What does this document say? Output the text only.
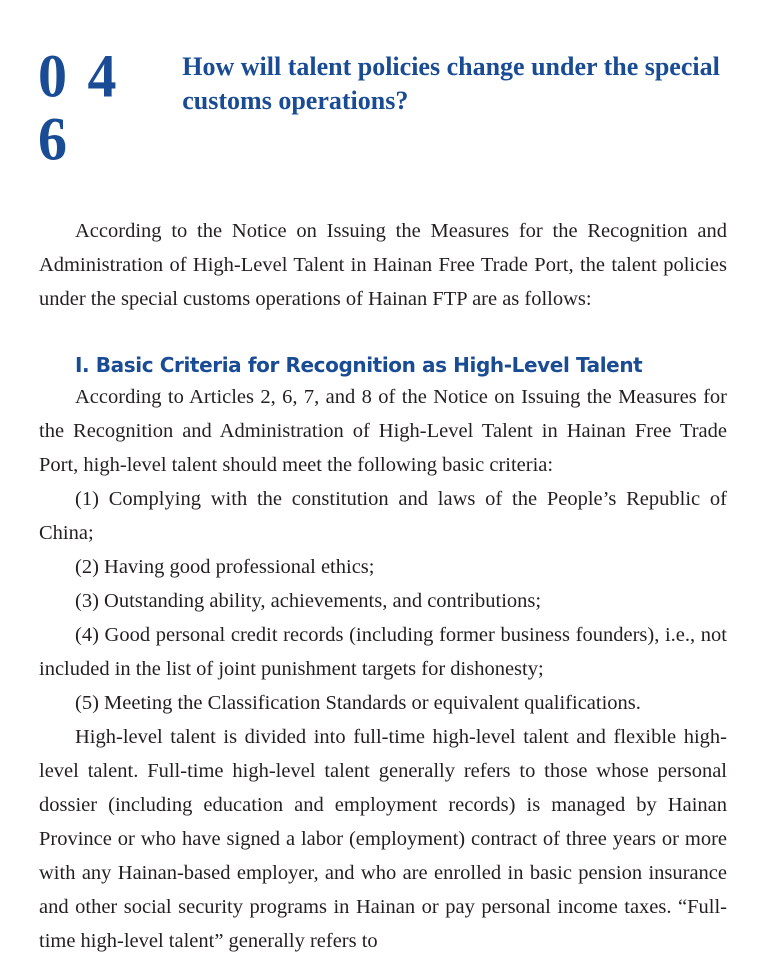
0 4 6
How will talent policies change under the special customs operations?

According to the Notice on Issuing the Measures for the Recognition and Administration of High-Level Talent in Hainan Free Trade Port, the talent policies under the special customs operations of Hainan FTP are as follows:

I. Basic Criteria for Recognition as High-Level Talent

According to Articles 2, 6, 7, and 8 of the Notice on Issuing the Measures for the Recognition and Administration of High-Level Talent in Hainan Free Trade Port, high-level talent should meet the following basic criteria:

(1) Complying with the constitution and laws of the People’s Republic of China;

(2) Having good professional ethics;

(3) Outstanding ability, achievements, and contributions;

(4) Good personal credit records (including former business founders), i.e., not included in the list of joint punishment targets for dishonesty;

(5) Meeting the Classification Standards or equivalent qualifications.

High-level talent is divided into full-time high-level talent and flexible high-level talent. Full-time high-level talent generally refers to those whose personal dossier (including education and employment records) is managed by Hainan Province or who have signed a labor (employment) contract of three years or more with any Hainan-based employer, and who are enrolled in basic pension insurance and other social security programs in Hainan or pay personal income taxes. “Full-time high-level talent” generally refers to
